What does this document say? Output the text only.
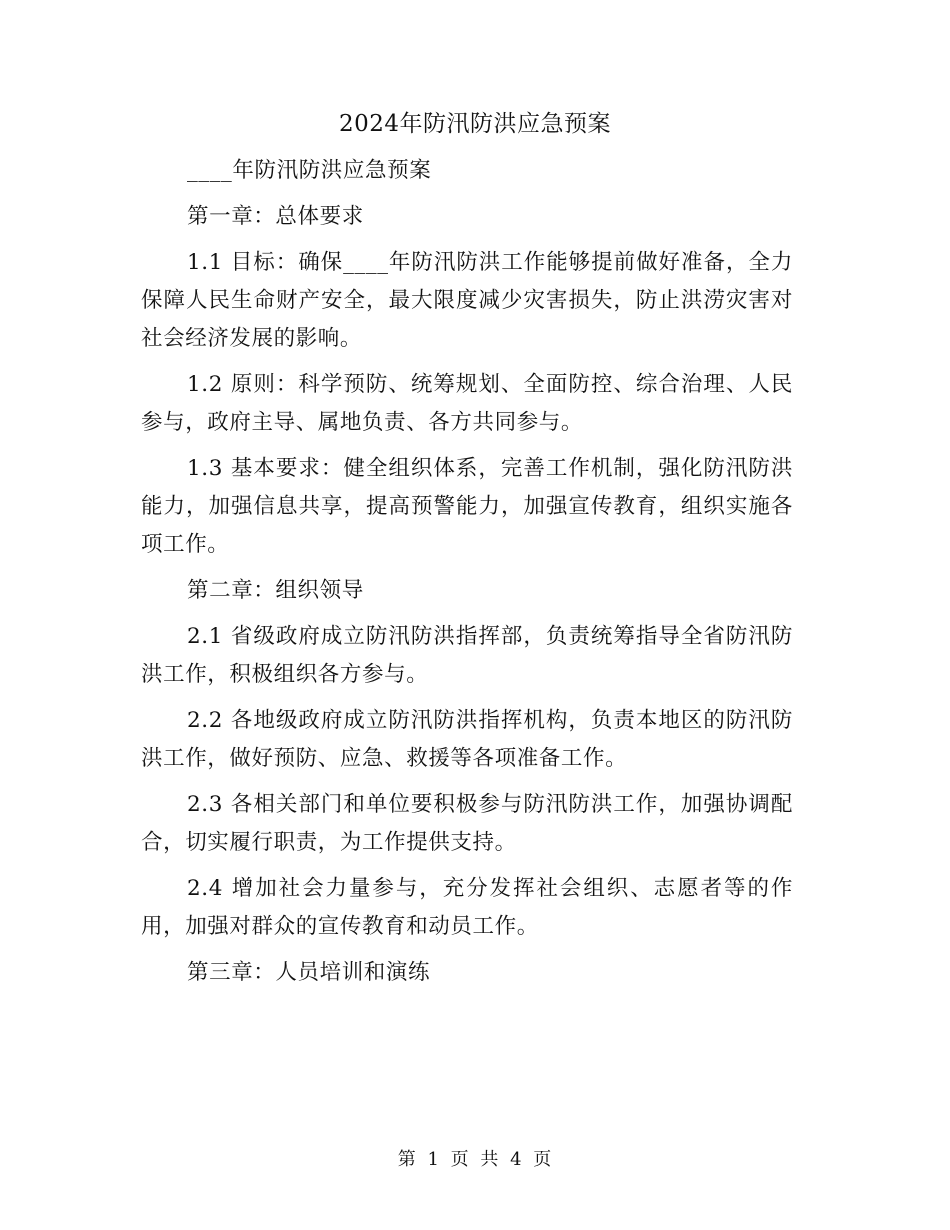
2024年防汛防洪应急预案

____年防汛防洪应急预案

第一章：总体要求

1.1 目标：确保____年防汛防洪工作能够提前做好准备，全力保障人民生命财产安全，最大限度减少灾害损失，防止洪涝灾害对社会经济发展的影响。

1.2 原则：科学预防、统筹规划、全面防控、综合治理、人民参与，政府主导、属地负责、各方共同参与。

1.3 基本要求：健全组织体系，完善工作机制，强化防汛防洪能力，加强信息共享，提高预警能力，加强宣传教育，组织实施各项工作。

第二章：组织领导

2.1 省级政府成立防汛防洪指挥部，负责统筹指导全省防汛防洪工作，积极组织各方参与。

2.2 各地级政府成立防汛防洪指挥机构，负责本地区的防汛防洪工作，做好预防、应急、救援等各项准备工作。

2.3 各相关部门和单位要积极参与防汛防洪工作，加强协调配合，切实履行职责，为工作提供支持。

2.4 增加社会力量参与，充分发挥社会组织、志愿者等的作用，加强对群众的宣传教育和动员工作。

第三章：人员培训和演练

第 1 页 共 4 页
